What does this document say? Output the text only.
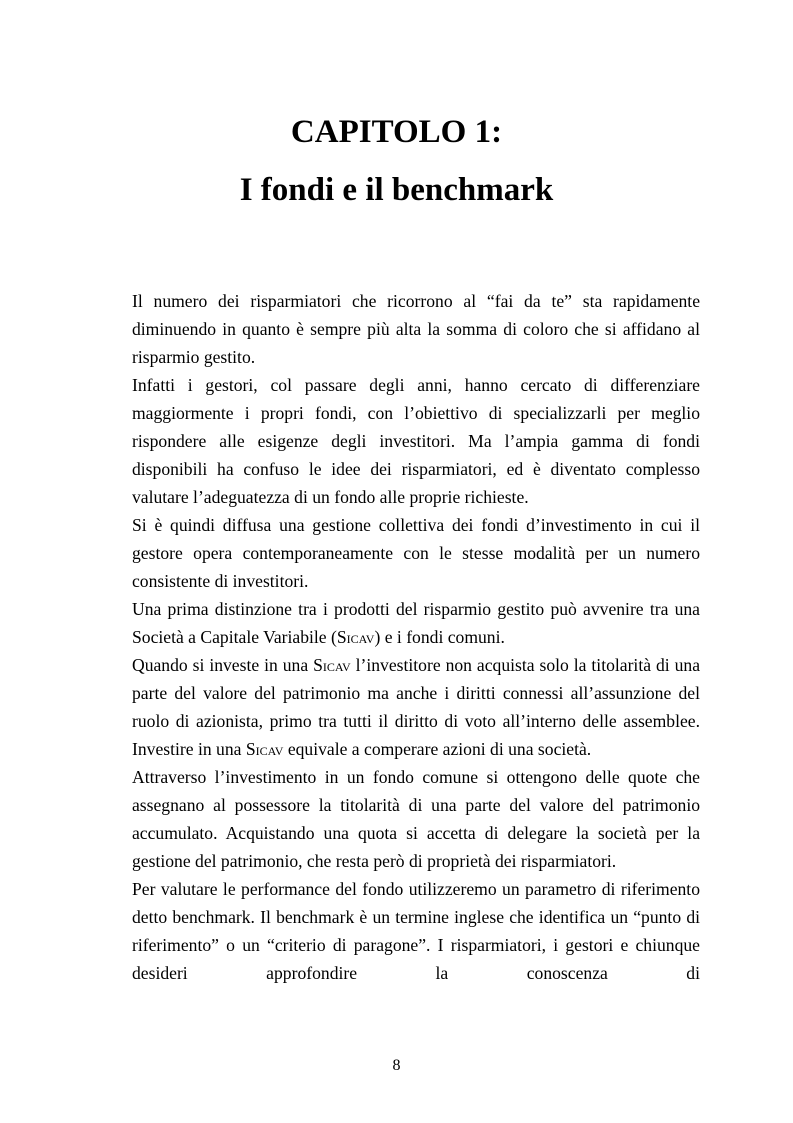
CAPITOLO 1:
I fondi e il benchmark

Il numero dei risparmiatori che ricorrono al “fai da te” sta rapidamente diminuendo in quanto è sempre più alta la somma di coloro che si affidano al risparmio gestito.

Infatti i gestori, col passare degli anni, hanno cercato di differenziare maggiormente i propri fondi, con l’obiettivo di specializzarli per meglio rispondere alle esigenze degli investitori. Ma l’ampia gamma di fondi disponibili ha confuso le idee dei risparmiatori, ed è diventato complesso valutare l’adeguatezza di un fondo alle proprie richieste.

Si è quindi diffusa una gestione collettiva dei fondi d’investimento in cui il gestore opera contemporaneamente con le stesse modalità per un numero consistente di investitori.

Una prima distinzione tra i prodotti del risparmio gestito può avvenire tra una Società a Capitale Variabile (Sicav) e i fondi comuni.

Quando si investe in una Sicav l’investitore non acquista solo la titolarità di una parte del valore del patrimonio ma anche i diritti connessi all’assunzione del ruolo di azionista, primo tra tutti il diritto di voto all’interno delle assemblee. Investire in una Sicav equivale a comperare azioni di una società.

Attraverso l’investimento in un fondo comune si ottengono delle quote che assegnano al possessore la titolarità di una parte del valore del patrimonio accumulato. Acquistando una quota si accetta di delegare la società per la gestione del patrimonio, che resta però di proprietà dei risparmiatori.

Per valutare le performance del fondo utilizzeremo un parametro di riferimento detto benchmark. Il benchmark è un termine inglese che identifica un “punto di riferimento” o un “criterio di paragone”. I risparmiatori, i gestori e chiunque desideri approfondire la conoscenza di

8
